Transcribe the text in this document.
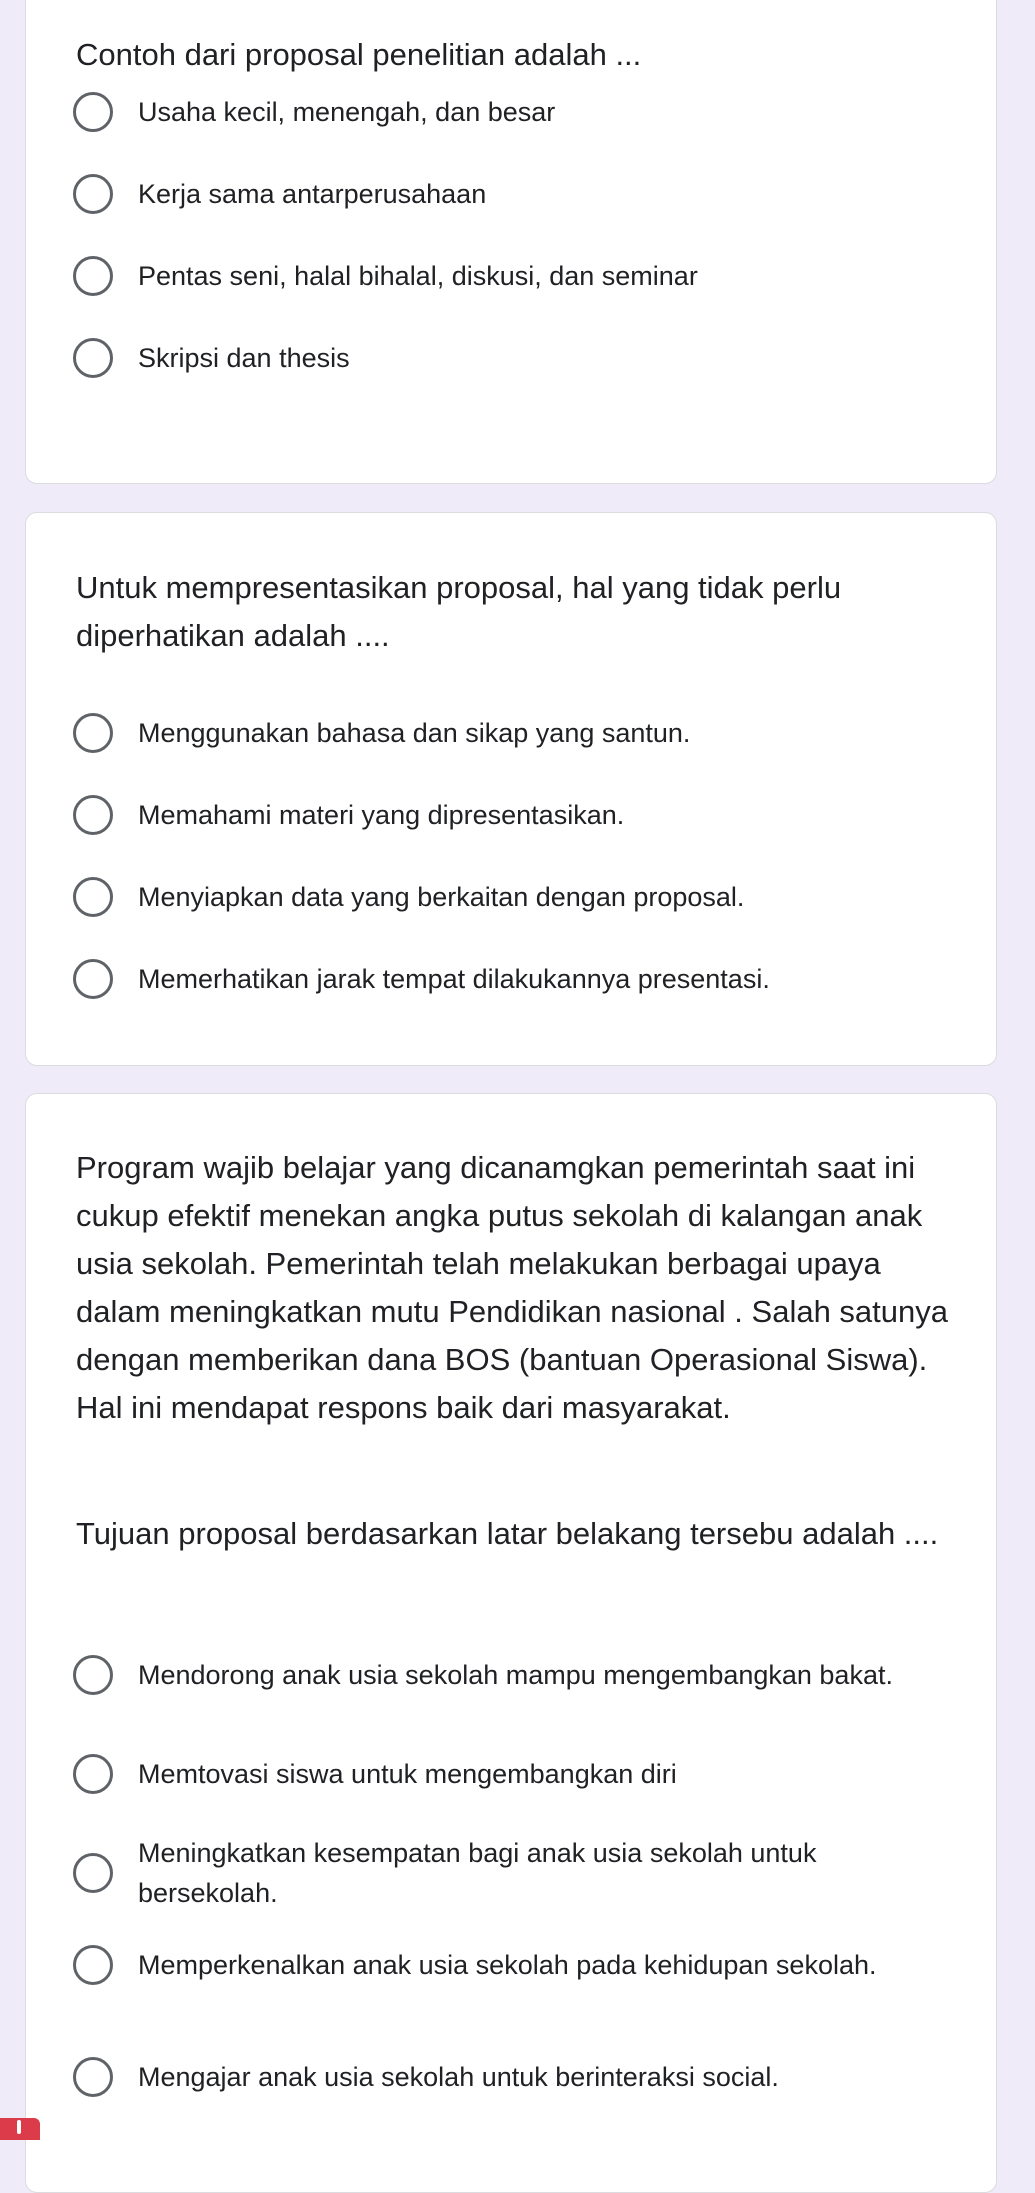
Contoh dari proposal penelitian adalah ...

Usaha kecil, menengah, dan besar
Kerja sama antarperusahaan
Pentas seni, halal bihalal, diskusi, dan seminar
Skripsi dan thesis

Untuk mempresentasikan proposal, hal yang tidak perlu diperhatikan adalah ....

Menggunakan bahasa dan sikap yang santun.
Memahami materi yang dipresentasikan.
Menyiapkan data yang berkaitan dengan proposal.
Memerhatikan jarak tempat dilakukannya presentasi.

Program wajib belajar yang dicanamgkan pemerintah saat ini cukup efektif menekan angka putus sekolah di kalangan anak usia sekolah. Pemerintah telah melakukan berbagai upaya dalam meningkatkan mutu Pendidikan nasional . Salah satunya dengan memberikan dana BOS (bantuan Operasional Siswa). Hal ini mendapat respons baik dari masyarakat.

Tujuan proposal berdasarkan latar belakang tersebu adalah ....

Mendorong anak usia sekolah mampu mengembangkan bakat.
Memtovasi siswa untuk mengembangkan diri
Meningkatkan kesempatan bagi anak usia sekolah untuk bersekolah.
Memperkenalkan anak usia sekolah pada kehidupan sekolah.
Mengajar anak usia sekolah untuk berinteraksi social.
